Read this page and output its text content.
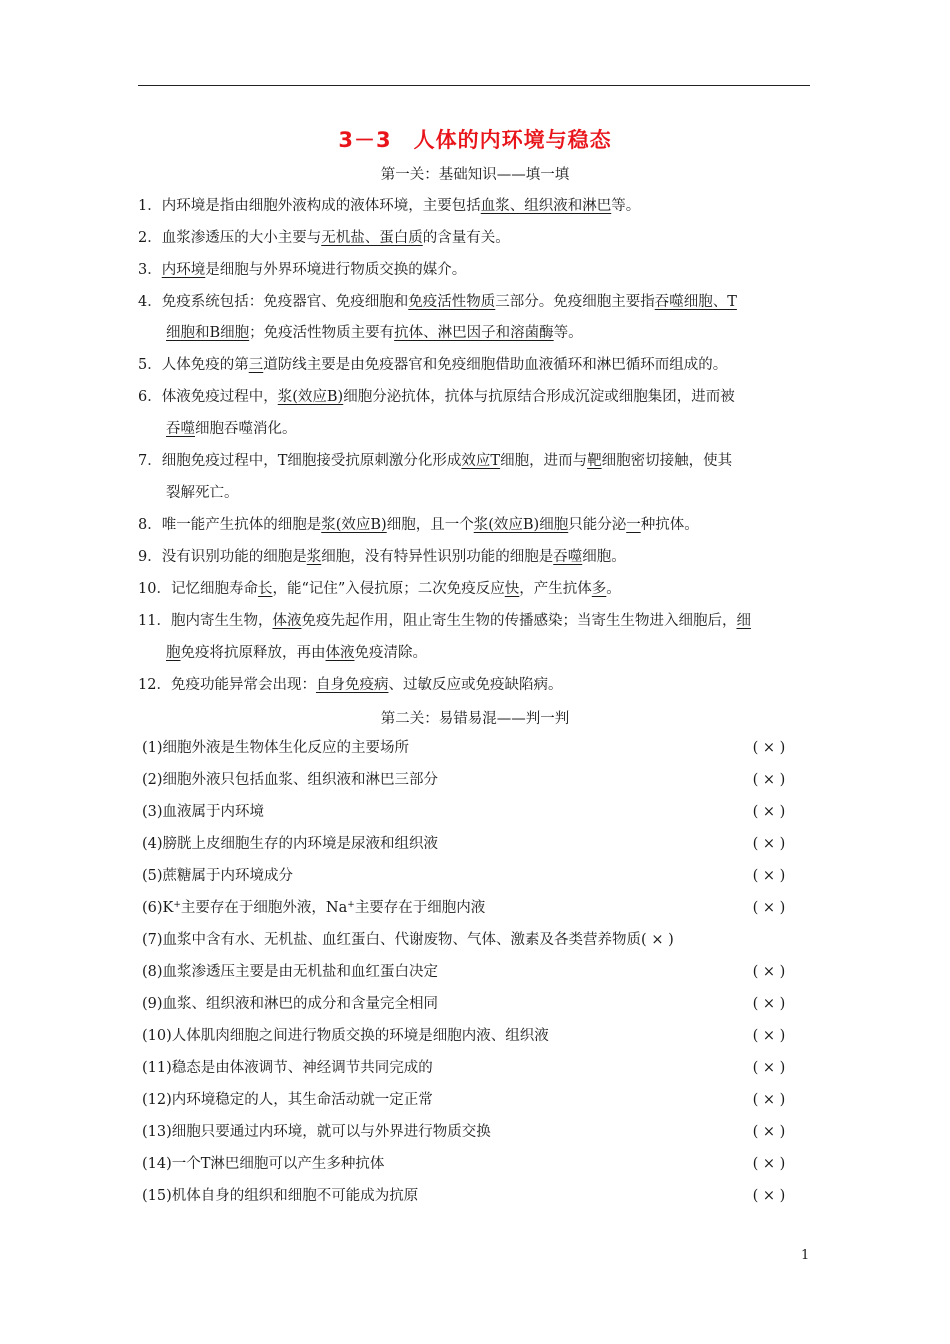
3－3　人体的内环境与稳态
第一关：基础知识——填一填
1．内环境是指由细胞外液构成的液体环境，主要包括血浆、组织液和淋巴等。
2．血浆渗透压的大小主要与无机盐、蛋白质的含量有关。
3．内环境是细胞与外界环境进行物质交换的媒介。
4．免疫系统包括：免疫器官、免疫细胞和免疫活性物质三部分。免疫细胞主要指吞噬细胞、T
细胞和B细胞；免疫活性物质主要有抗体、淋巴因子和溶菌酶等。
5．人体免疫的第三道防线主要是由免疫器官和免疫细胞借助血液循环和淋巴循环而组成的。
6．体液免疫过程中，浆(效应B)细胞分泌抗体，抗体与抗原结合形成沉淀或细胞集团，进而被
吞噬细胞吞噬消化。
7．细胞免疫过程中，T细胞接受抗原刺激分化形成效应T细胞，进而与靶细胞密切接触，使其
裂解死亡。
8．唯一能产生抗体的细胞是浆(效应B)细胞，且一个浆(效应B)细胞只能分泌一种抗体。
9．没有识别功能的细胞是浆细胞，没有特异性识别功能的细胞是吞噬细胞。
10．记忆细胞寿命长，能“记住”入侵抗原；二次免疫反应快，产生抗体多。
11．胞内寄生生物，体液免疫先起作用，阻止寄生生物的传播感染；当寄生生物进入细胞后，细
胞免疫将抗原释放，再由体液免疫清除。
12．免疫功能异常会出现：自身免疫病、过敏反应或免疫缺陷病。
第二关：易错易混——判一判
(1)细胞外液是生物体生化反应的主要场所	( × )
(2)细胞外液只包括血浆、组织液和淋巴三部分	( × )
(3)血液属于内环境	( × )
(4)膀胱上皮细胞生存的内环境是尿液和组织液	( × )
(5)蔗糖属于内环境成分	( × )
(6)K+主要存在于细胞外液，Na+主要存在于细胞内液	( × )
(7)血浆中含有水、无机盐、血红蛋白、代谢废物、气体、激素及各类营养物质( × )
(8)血浆渗透压主要是由无机盐和血红蛋白决定	( × )
(9)血浆、组织液和淋巴的成分和含量完全相同	( × )
(10)人体肌肉细胞之间进行物质交换的环境是细胞内液、组织液	( × )
(11)稳态是由体液调节、神经调节共同完成的	( × )
(12)内环境稳定的人，其生命活动就一定正常	( × )
(13)细胞只要通过内环境，就可以与外界进行物质交换	( × )
(14)一个T淋巴细胞可以产生多种抗体	( × )
(15)机体自身的组织和细胞不可能成为抗原	( × )
1
